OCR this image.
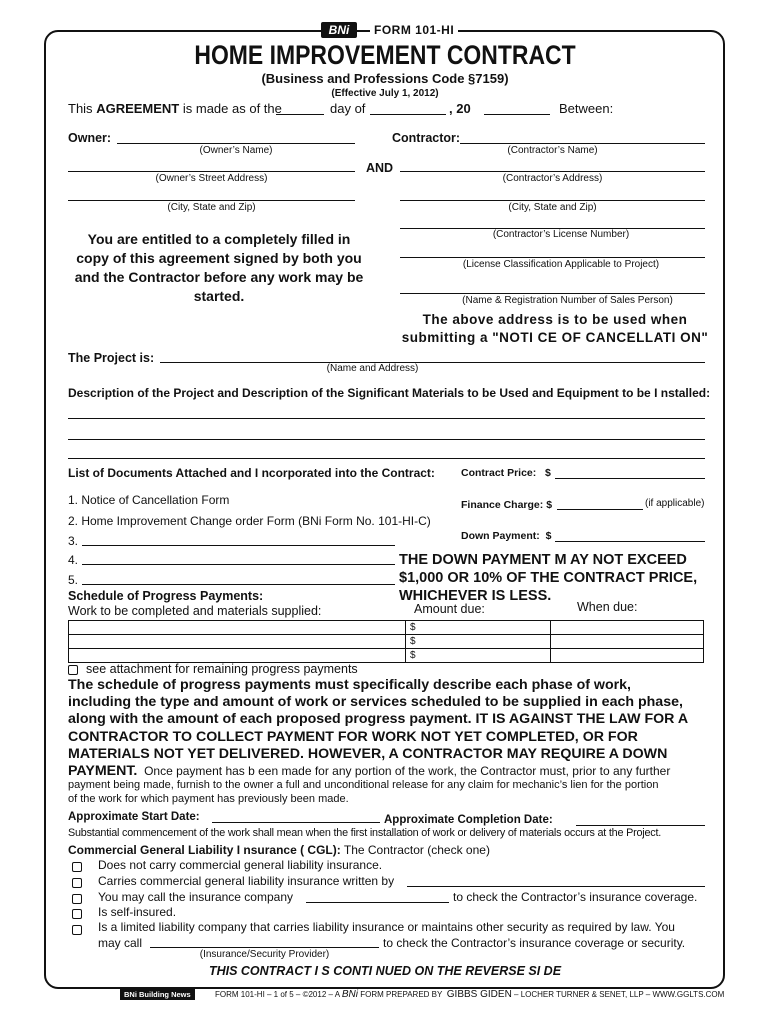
BNi	FORM 101-HI
HOME IMPROVEMENT CONTRACT
(Business and Professions Code §7159)
(Effective July 1, 2012)
This AGREEMENT is made as of the	day of	, 20	Between:
Owner:
(Owner’s Name)
(Owner’s Street Address)
(City, State and Zip)
AND
Contractor:
(Contractor’s Name)
(Contractor’s Address)
(City, State and Zip)
(Contractor’s License Number)
(License Classification Applicable to Project)
(Name & Registration Number of Sales Person)
You are entitled to a completely filled in
copy of this agreement signed by both you
and the Contractor before any work may be
started.
The above address is to be used when
submitting a "NOTI CE OF CANCELLATI ON"
The Project is:
(Name and Address)
Description of the Project and Description of the Significant Materials to be Used and Equipment to be I nstalled:
List of Documents Attached and I ncorporated into the Contract:
1. Notice of Cancellation Form
2. Home Improvement Change order Form (BNi Form No. 101-HI-C)
3.
4.
5.
Contract Price: $
Finance Charge: $	(if applicable)
Down Payment: $
THE DOWN PAYMENT M AY NOT EXCEED
$1,000 OR 10% OF THE CONTRACT PRICE,
WHICHEVER IS LESS.
Schedule of Progress Payments:
Work to be completed and materials supplied:	Amount due:	When due:
	$	
	$	
	$	
see attachment for remaining progress payments
The schedule of progress payments must specifically describe each phase of work,
including the type and amount of work or services scheduled to be supplied in each phase,
along with the amount of each proposed progress payment. IT IS AGAINST THE LAW FOR A
CONTRACTOR TO COLLECT PAYMENT FOR WORK NOT YET COMPLETED, OR FOR
MATERIALS NOT YET DELIVERED. HOWEVER, A CONTRACTOR MAY REQUIRE A DOWN
PAYMENT. Once payment has b een made for any portion of the work, the Contractor must, prior to any further
payment being made, furnish to the owner a full and unconditional release for any claim for mechanic’s lien for the portion
of the work for which payment has previously been made.
Approximate Start Date:	Approximate Completion Date:
Substantial commencement of the work shall mean when the first installation of work or delivery of materials occurs at the Project.
Commercial General Liability I nsurance ( CGL): The Contractor (check one)
Does not carry commercial general liability insurance.
Carries commercial general liability insurance written by
You may call the insurance company	to check the Contractor’s insurance coverage.
Is self-insured.
Is a limited liability company that carries liability insurance or maintains other security as required by law. You
may call	to check the Contractor’s insurance coverage or security.
(Insurance/Security Provider)
THIS CONTRACT I S CONTI NUED ON THE REVERSE SI DE
BNi Building News	FORM 101-HI – 1 of 5 – ©2012 – A BNi FORM PREPARED BY GIBBS GIDEN – LOCHER TURNER & SENET, LLP – WWW.GGLTS.COM
